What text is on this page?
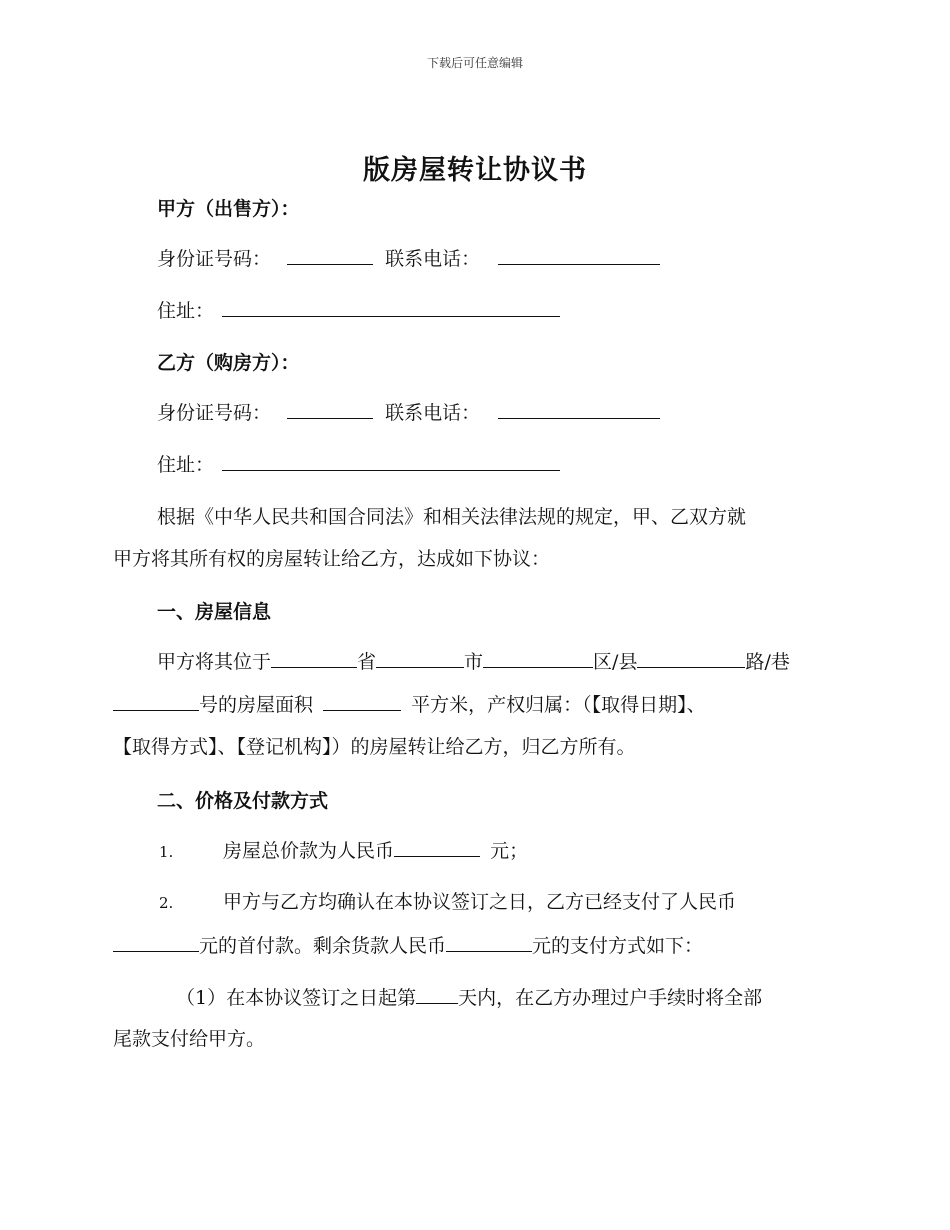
下载后可任意编辑
版房屋转让协议书
甲方（出售方）：
身份证号码：	联系电话：
住址：
乙方（购房方）：
身份证号码：	联系电话：
住址：
根据《中华人民共和国合同法》和相关法律法规的规定，甲、乙双方就
甲方将其所有权的房屋转让给乙方，达成如下协议：
一、房屋信息
甲方将其位于	省	市	区/县	路/巷
号的房屋面积	平方米，产权归属：（【取得日期】、
【取得方式】、【登记机构】）的房屋转让给乙方，归乙方所有。
二、价格及付款方式
1.	房屋总价款为人民币	元；
2.	甲方与乙方均确认在本协议签订之日，乙方已经支付了人民币
元的首付款。剩余货款人民币	元的支付方式如下：
（1）在本协议签订之日起第 天内，在乙方办理过户手续时将全部
尾款支付给甲方。
